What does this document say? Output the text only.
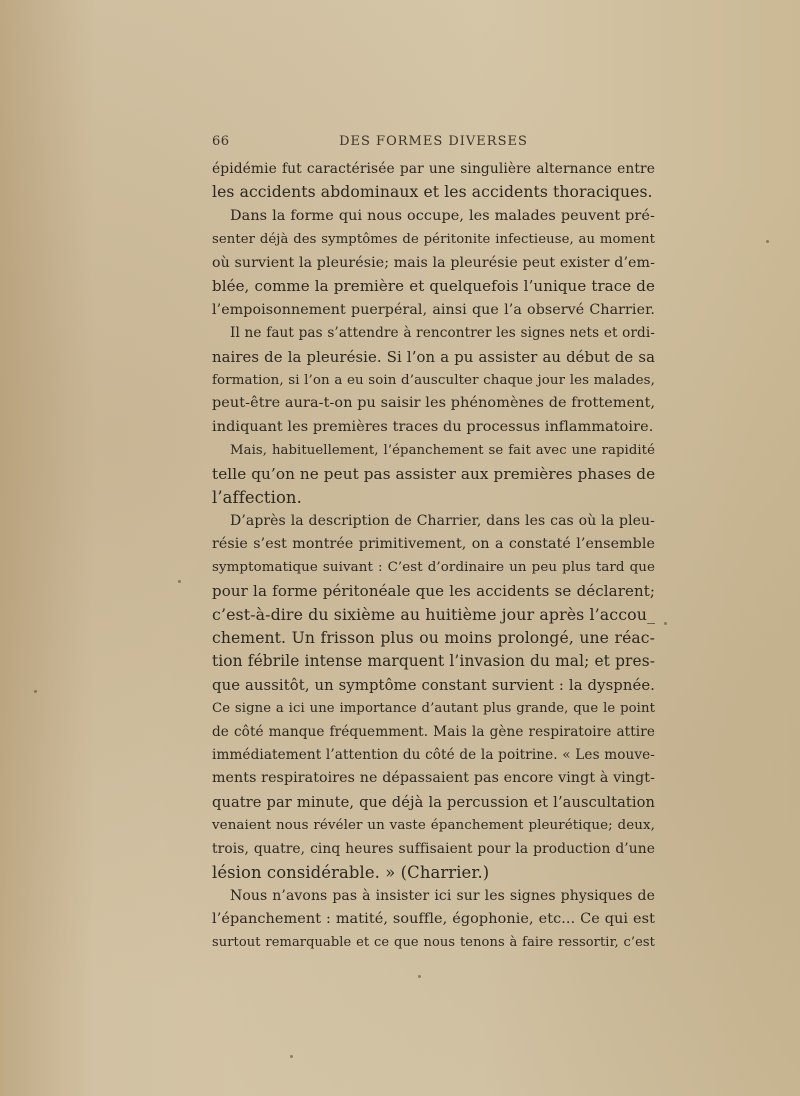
66	DES FORMES DIVERSES
épidémie fut caractérisée par une singulière alternance entre
les accidents abdominaux et les accidents thoraciques.
Dans la forme qui nous occupe, les malades peuvent pré-
senter déjà des symptômes de péritonite infectieuse, au moment
où survient la pleurésie; mais la pleurésie peut exister d’em-
blée, comme la première et quelquefois l’unique trace de
l’empoisonnement puerpéral, ainsi que l’a observé Charrier.
Il ne faut pas s’attendre à rencontrer les signes nets et ordi-
naires de la pleurésie. Si l’on a pu assister au début de sa
formation, si l’on a eu soin d’ausculter chaque jour les malades,
peut-être aura-t-on pu saisir les phénomènes de frottement,
indiquant les premières traces du processus inflammatoire.
Mais, habituellement, l’épanchement se fait avec une rapidité
telle qu’on ne peut pas assister aux premières phases de
l’affection.
D’après la description de Charrier, dans les cas où la pleu-
résie s’est montrée primitivement, on a constaté l’ensemble
symptomatique suivant : C’est d’ordinaire un peu plus tard que
pour la forme péritonéale que les accidents se déclarent;
c’est-à-dire du sixième au huitième jour après l’accou_
chement. Un frisson plus ou moins prolongé, une réac-
tion fébrile intense marquent l’invasion du mal; et pres-
que aussitôt, un symptôme constant survient : la dyspnée.
Ce signe a ici une importance d’autant plus grande, que le point
de côté manque fréquemment. Mais la gène respiratoire attire
immédiatement l’attention du côté de la poitrine. « Les mouve-
ments respiratoires ne dépassaient pas encore vingt à vingt-
quatre par minute, que déjà la percussion et l’auscultation
venaient nous révéler un vaste épanchement pleurétique; deux,
trois, quatre, cinq heures suffisaient pour la production d’une
lésion considérable. » (Charrier.)
Nous n’avons pas à insister ici sur les signes physiques de
l’épanchement : matité, souffle, égophonie, etc... Ce qui est
surtout remarquable et ce que nous tenons à faire ressortir, c’est
